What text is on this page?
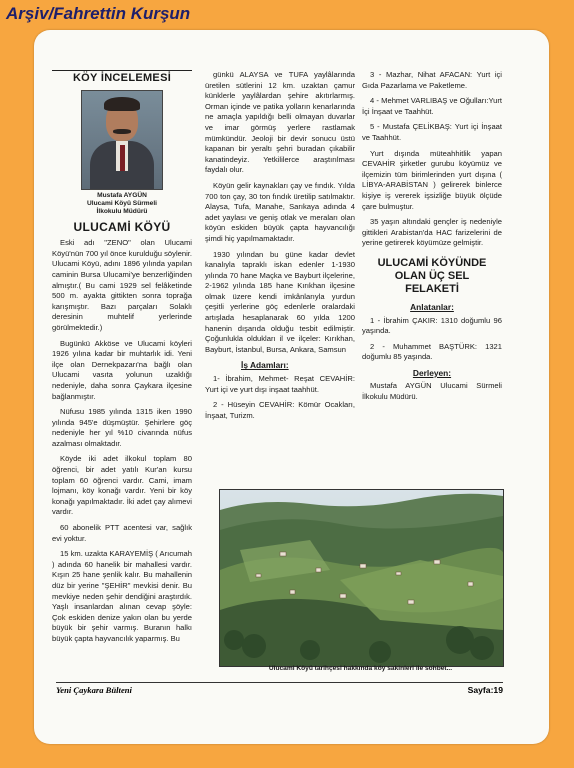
Arşiv/Fahrettin Kurşun
KÖY İNCELEMESİ
Mustafa AYGÜN
Ulucami Köyü Sürmeli
İlkokulu Müdürü
ULUCAMİ KÖYÜ

Eski adı "ZENO" olan Ulucami Köyü'nün 700 yıl önce kurulduğu söylenir. Ulucami Köyü, adını 1896 yılında yapılan caminin Bursa Ulucami'ye benzerliğinden almıştır.( Bu cami 1929 sel felâketinde 500 m. ayakta gittikten sonra toprağa karışmıştır. Bazı parçaları Solaklı deresinin muhtelif yerlerinde görülmektedir.)

Bugünkü Akköse ve Ulucami köyleri 1926 yılına kadar bir muhtarlık idi. Yeni ilçe olan Dernekpazarı'na bağlı olan Ulucami vasıta yolunun uzaklığı nedeniyle, daha sonra Çaykara ilçesine bağlanmıştır.

Nüfusu 1985 yılında 1315 iken 1990 yılında 945'e düşmüştür. Şehirlere göç nedeniyle her yıl %10 civarında nüfus azalması olmaktadır.

Köyde iki adet ilkokul toplam 80 öğrenci, bir adet yatılı Kur'an kursu toplam 60 öğrenci vardır. Cami, imam lojmanı, köy konağı vardır. Yeni bir köy konağı yapılmaktadır. İki adet çay alımevi vardır.

60 abonelik PTT acentesi var, sağlık evi yoktur.

15 km. uzakta KARAYEMİŞ ( Arıcumah ) adında 60 hanelik bir mahallesi vardır. Kışın 25 hane şenlik kalır. Bu mahallenin düz bir yerine "ŞEHİR" mevkisi denir. Bu mevkiye neden şehir dendiğini araştırdık. Yaşlı insanlardan alınan cevap şöyle: Çok eskiden denize yakın olan bu yerde büyük bir şehir varmış. Buranın halkı büyük çapta hayvancılık yaparmış. Bu

günkü ALAYSA ve TUFA yaylâlarında üretilen sütlerini 12 km. uzaktan çamur künklerle yaylâlardan şehire akıtırlarmış. Orman içinde ve patika yolların kenarlarında ne amaçla yapıldığı belli olmayan duvarlar ve imar görmüş yerlere rastlamak mümkündür. Jeoloji bir devir sonucu üstü kapanan bir yeraltı şehri buradan çıkabilir kanatindeyiz. Yetkililerce araştırılması faydalı olur.

Köyün gelir kaynakları çay ve fındık. Yılda 700 ton çay, 30 ton fındık üretilip satılmaktır. Alaysa, Tufa, Manahe, Sarıkaya adında 4 adet yaylası ve geniş otlak ve meraları olan köyün eskiden büyük çapta hayvancılığı şimdi hiç yapılmamaktadır.

1930 yılından bu güne kadar devlet kanalıyla tapraklı iskan edenler 1-1930 yılında 70 hane Maçka ve Bayburt ilçelerine, 2-1962 yılında 185 hane Kırıkhan ilçesine olmak üzere kendi imkânlarıyla yurdun çeşitli yerlerine göç edenlerle oralardaki artışlada hesaplanarak 60 yılda 1200 hanenin dışarıda olduğu tesbit edilmiştir. Çoğunlukla oldukları il ve ilçeler: Kırıkhan, Bayburt, İstanbul, Bursa, Ankara, Samsun

İş Adamları:

1- İbrahim, Mehmet- Reşat CEVAHİR: Yurt içi ve yurt dışı inşaat taahhüt.

2 - Hüseyin CEVAHİR: Kömür Ocakları, İnşaat, Turizm.

3 - Mazhar, Nihat AFACAN: Yurt içi Gıda Pazarlama ve Paketleme.

4 - Mehmet VARLIBAŞ ve Oğulları:Yurt İçi İnşaat ve Taahhüt.

5 - Mustafa ÇELİKBAŞ: Yurt içi İnşaat ve Taahhüt.

Yurt dışında müteahhitlik yapan CEVAHİR şirketler gurubu köyümüz ve ilçemizin tüm birimlerinden yurt dışına ( LİBYA-ARABİSTAN ) gelirerek binlerce kişiye iş vererek işsizliğe büyük ölçüde çare bulmuştur.

35 yaşın altındaki gençler iş nedeniyle gittikleri Arabistan'da HAC farizelerini de yerine getirerek köyümüze gelmiştir.

ULUCAMİ KÖYÜNDE
OLAN ÜÇ SEL
FELAKETİ
Anlatanlar:

1 - İbrahim ÇAKIR: 1310 doğumlu 96 yaşında.

2 - Muhammet BAŞTÜRK: 1321 doğumlu 85 yaşında.

Derleyen:

Mustafa AYGÜN Ulucami Sürmeli İlkokulu Müdürü.

Ulucami Köyü tarihçesi hakkında köy sakinleri ile sohbet...
Yeni Çaykara Bülteni	Sayfa:19
